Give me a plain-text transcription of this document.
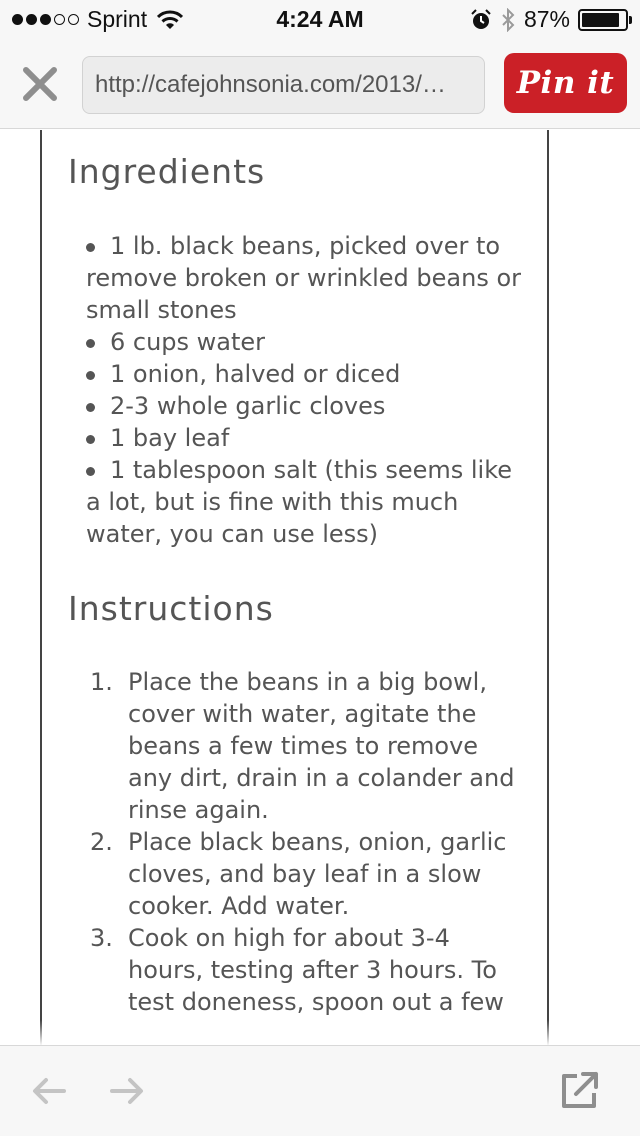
Sprint	4:24 AM	87%
http://cafejohnsonia.com/2013/…	Pin it
Ingredients
1 lb. black beans, picked over to remove broken or wrinkled beans or small stones
6 cups water
1 onion, halved or diced
2-3 whole garlic cloves
1 bay leaf
1 tablespoon salt (this seems like a lot, but is fine with this much water, you can use less)
Instructions
1. Place the beans in a big bowl, cover with water, agitate the beans a few times to remove any dirt, drain in a colander and rinse again.
2. Place black beans, onion, garlic cloves, and bay leaf in a slow cooker. Add water.
3. Cook on high for about 3-4 hours, testing after 3 hours. To test doneness, spoon out a few
